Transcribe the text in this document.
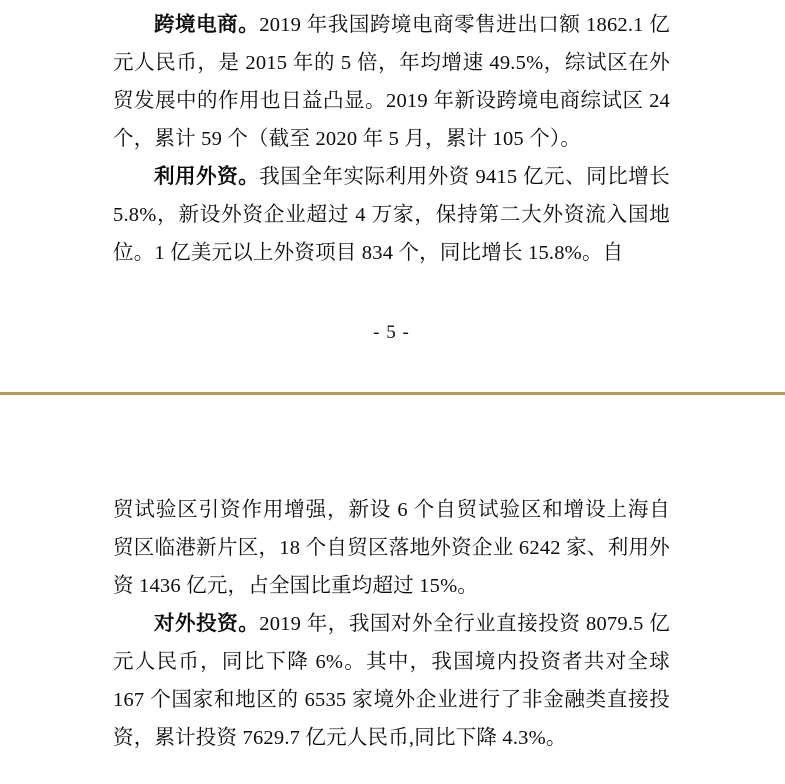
跨境电商。2019 年我国跨境电商零售进出口额 1862.1 亿元人民币，是 2015 年的 5 倍，年均增速 49.5%，综试区在外贸发展中的作用也日益凸显。2019 年新设跨境电商综试区 24 个，累计 59 个（截至 2020 年 5 月，累计 105 个）。

利用外资。我国全年实际利用外资 9415 亿元、同比增长 5.8%，新设外资企业超过 4 万家，保持第二大外资流入国地位。1 亿美元以上外资项目 834 个，同比增长 15.8%。自

- 5 -

贸试验区引资作用增强，新设 6 个自贸试验区和增设上海自贸区临港新片区，18 个自贸区落地外资企业 6242 家、利用外资 1436 亿元，占全国比重均超过 15%。

对外投资。2019 年，我国对外全行业直接投资 8079.5 亿元人民币，同比下降 6%。其中，我国境内投资者共对全球 167 个国家和地区的 6535 家境外企业进行了非金融类直接投资，累计投资 7629.7 亿元人民币,同比下降 4.3%。
